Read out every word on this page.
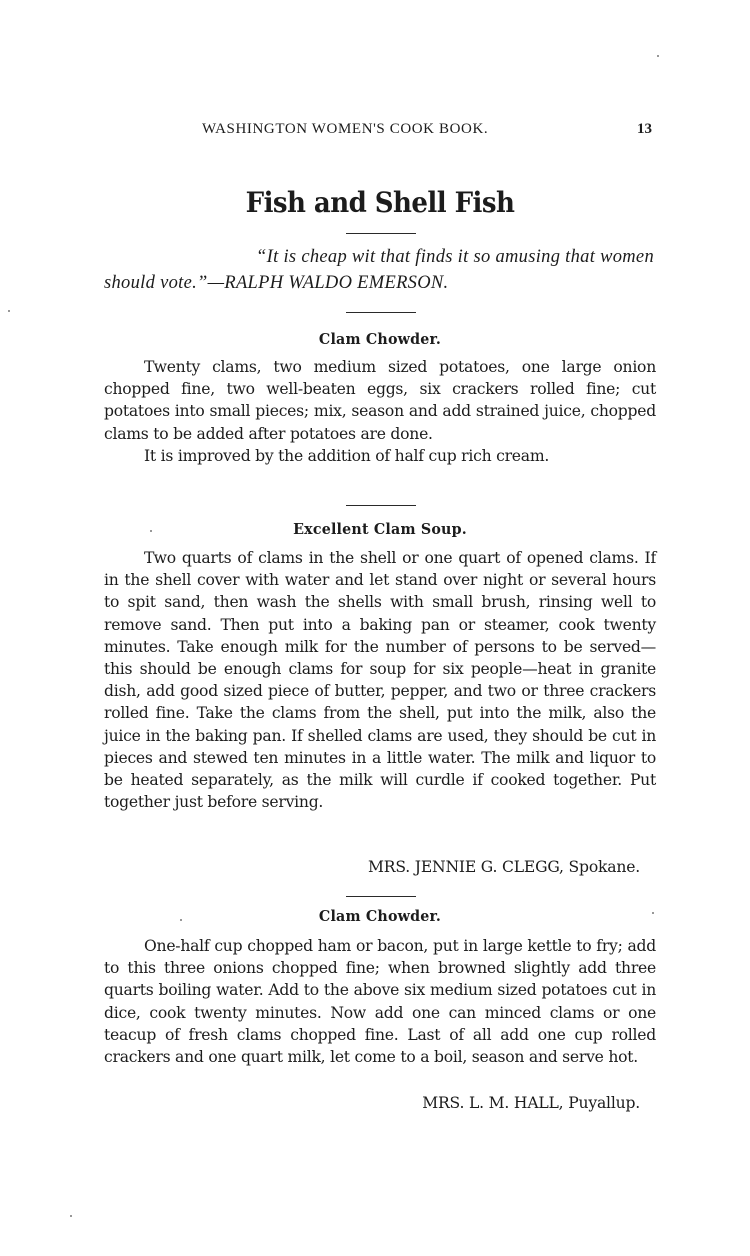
WASHINGTON WOMEN'S COOK BOOK.	13
Fish and Shell Fish
“It is cheap wit that finds it so amusing that women
should vote.”—RALPH WALDO EMERSON.
Clam Chowder.

Twenty clams, two medium sized potatoes, one large onion chopped fine, two well-beaten eggs, six crackers rolled fine; cut potatoes into small pieces; mix, season and add strained juice, chopped clams to be added after potatoes are done.

It is improved by the addition of half cup rich cream.

Excellent Clam Soup.

Two quarts of clams in the shell or one quart of opened clams. If in the shell cover with water and let stand over night or several hours to spit sand, then wash the shells with small brush, rinsing well to remove sand. Then put into a baking pan or steamer, cook twenty minutes. Take enough milk for the number of persons to be served—this should be enough clams for soup for six people—heat in granite dish, add good sized piece of butter, pepper, and two or three crackers rolled fine. Take the clams from the shell, put into the milk, also the juice in the baking pan. If shelled clams are used, they should be cut in pieces and stewed ten minutes in a little water. The milk and liquor to be heated separately, as the milk will curdle if cooked together. Put together just before serving.

MRS. JENNIE G. CLEGG, Spokane.
Clam Chowder.

One-half cup chopped ham or bacon, put in large kettle to fry; add to this three onions chopped fine; when browned slightly add three quarts boiling water. Add to the above six medium sized potatoes cut in dice, cook twenty minutes. Now add one can minced clams or one teacup of fresh clams chopped fine. Last of all add one cup rolled crackers and one quart milk, let come to a boil, season and serve hot.

MRS. L. M. HALL, Puyallup.
